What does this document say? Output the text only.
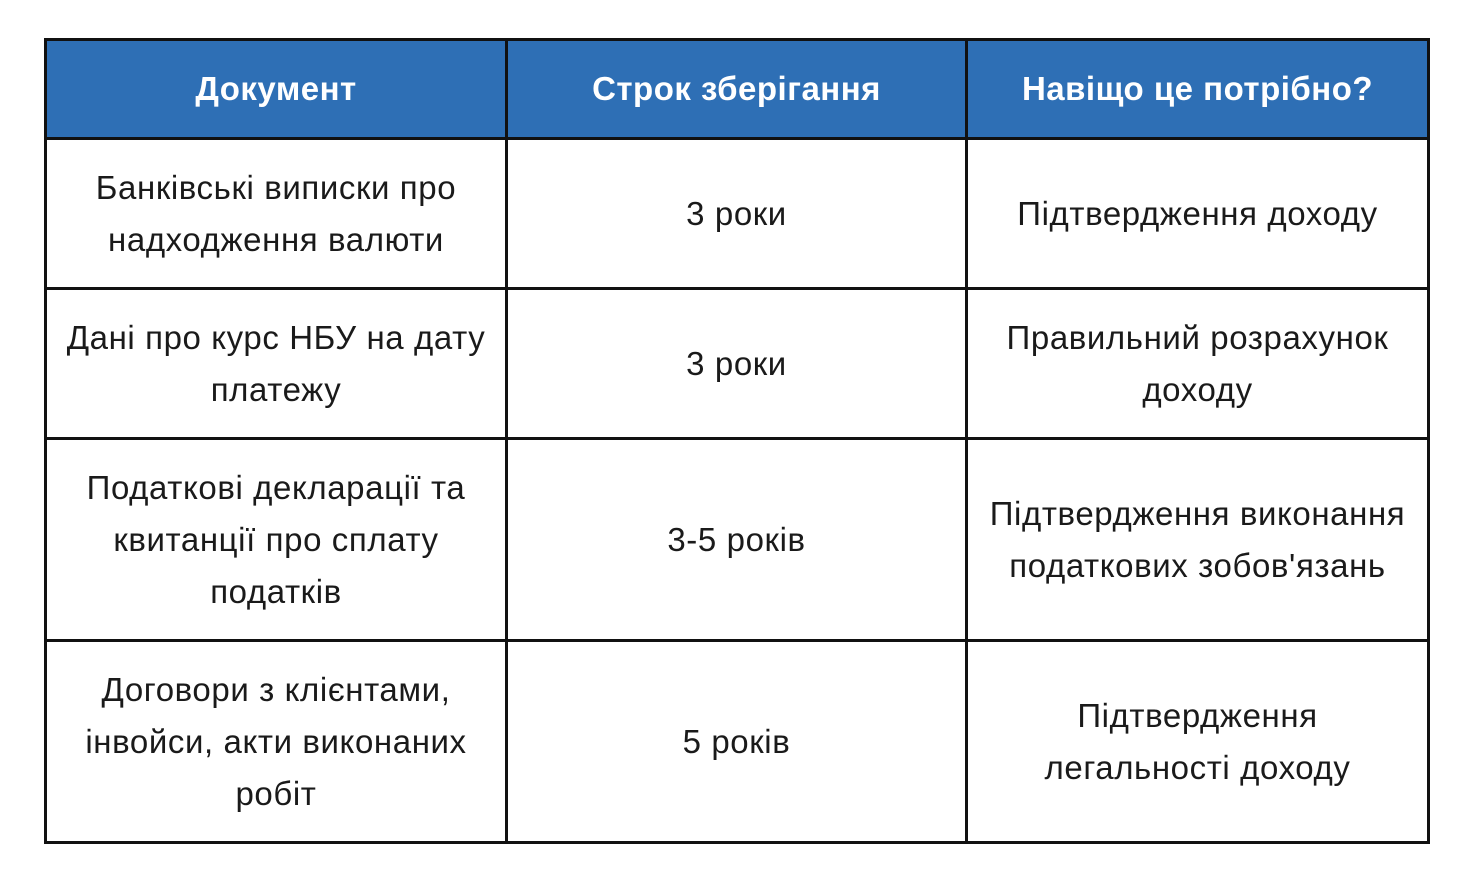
Документ	Строк зберігання	Навіщо це потрібно?
Банківські виписки про надходження валюти	3 роки	Підтвердження доходу
Дані про курс НБУ на дату платежу	3 роки	Правильний розрахунок доходу
Податкові декларації та квитанції про сплату податків	3-5 років	Підтвердження виконання податкових зобов'язань
Договори з клієнтами, інвойси, акти виконаних робіт	5 років	Підтвердження легальності доходу
